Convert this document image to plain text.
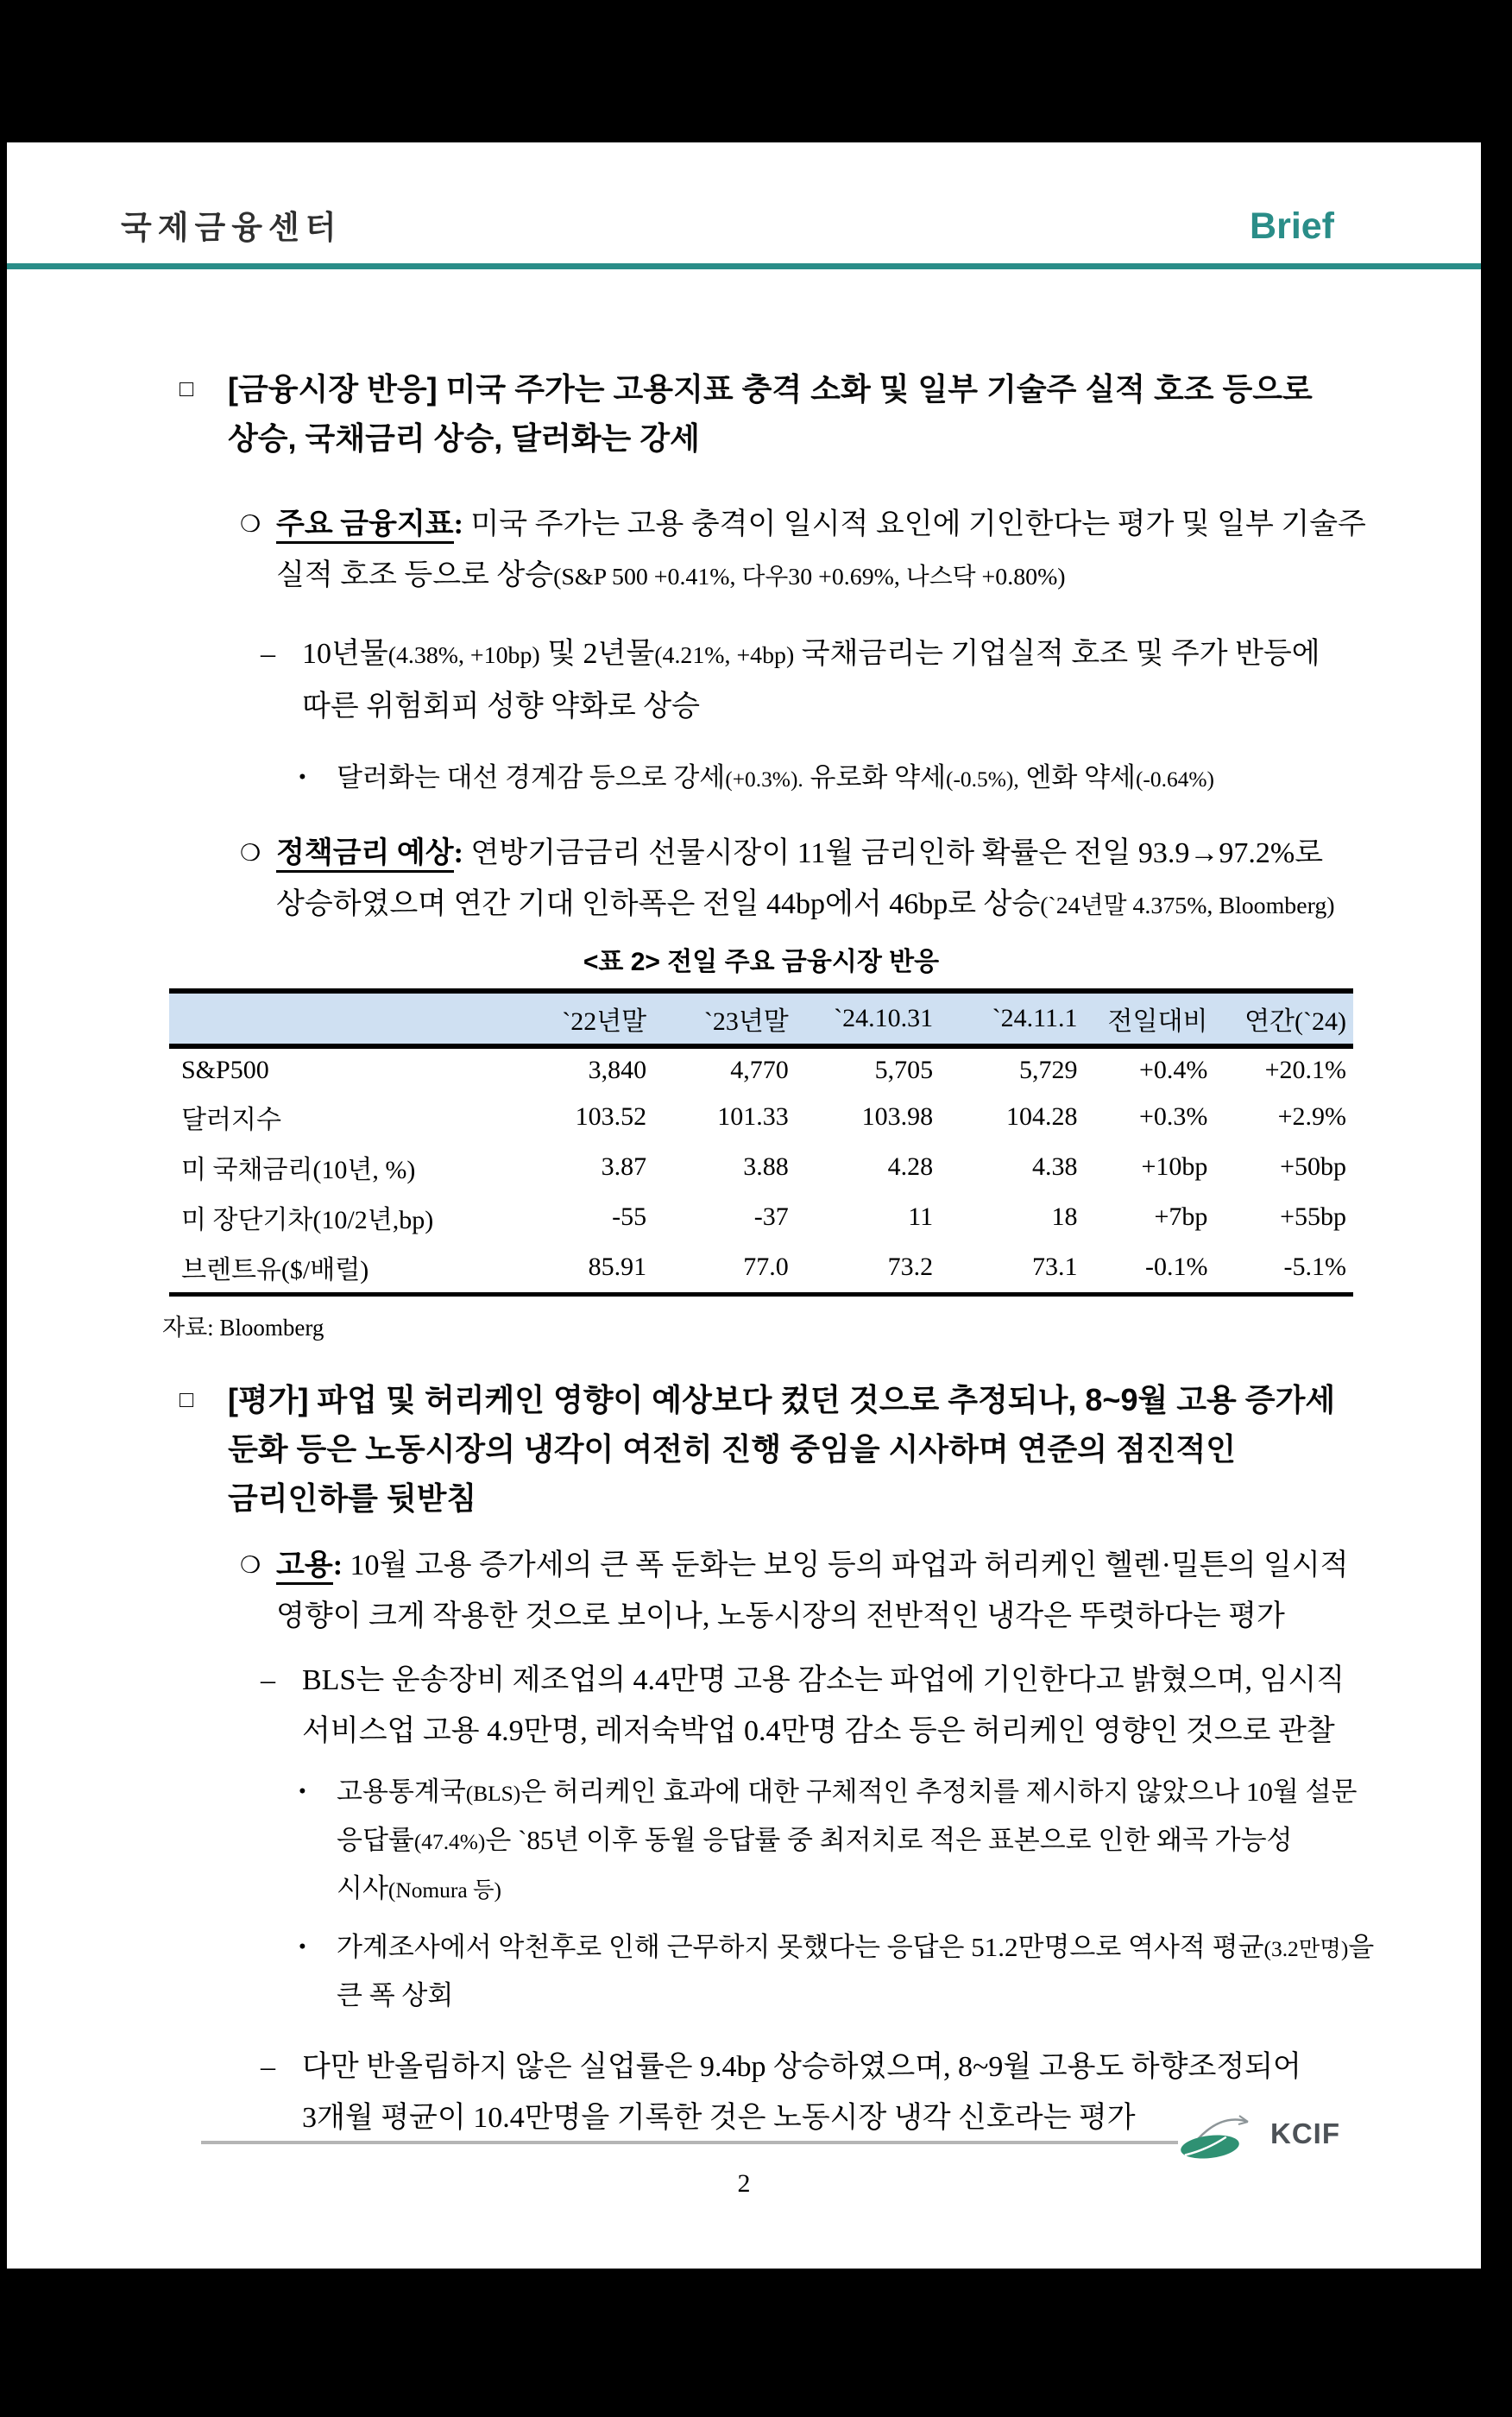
국제금융센터	Brief
□	[금융시장 반응] 미국 주가는 고용지표 충격 소화 및 일부 기술주 실적 호조 등으로
상승, 국채금리 상승, 달러화는 강세
❍ 주요 금융지표: 미국 주가는 고용 충격이 일시적 요인에 기인한다는 평가 및 일부 기술주
실적 호조 등으로 상승(S&P 500 +0.41%, 다우30 +0.69%, 나스닥 +0.80%)
– 10년물(4.38%, +10bp) 및 2년물(4.21%, +4bp) 국채금리는 기업실적 호조 및 주가 반등에
따른 위험회피 성향 약화로 상승
•	달러화는 대선 경계감 등으로 강세(+0.3%). 유로화 약세(-0.5%), 엔화 약세(-0.64%)
❍ 정책금리 예상: 연방기금금리 선물시장이 11월 금리인하 확률은 전일 93.9→97.2%로
상승하였으며 연간 기대 인하폭은 전일 44bp에서 46bp로 상승(`24년말 4.375%, Bloomberg)
<표 2> 전일 주요 금융시장 반응
	`22년말	`23년말	`24.10.31	`24.11.1	전일대비	연간(`24)
S&P500	3,840	4,770	5,705	5,729	+0.4%	+20.1%
달러지수	103.52	101.33	103.98	104.28	+0.3%	+2.9%
미 국채금리(10년, %)	3.87	3.88	4.28	4.38	+10bp	+50bp
미 장단기차(10/2년,bp)	-55	-37	11	18	+7bp	+55bp
브렌트유($/배럴)	85.91	77.0	73.2	73.1	-0.1%	-5.1%
자료: Bloomberg
□	[평가] 파업 및 허리케인 영향이 예상보다 컸던 것으로 추정되나, 8~9월 고용 증가세
둔화 등은 노동시장의 냉각이 여전히 진행 중임을 시사하며 연준의 점진적인
금리인하를 뒷받침
❍ 고용: 10월 고용 증가세의 큰 폭 둔화는 보잉 등의 파업과 허리케인 헬렌·밀튼의 일시적
영향이 크게 작용한 것으로 보이나, 노동시장의 전반적인 냉각은 뚜렷하다는 평가
– BLS는 운송장비 제조업의 4.4만명 고용 감소는 파업에 기인한다고 밝혔으며, 임시직
서비스업 고용 4.9만명, 레저숙박업 0.4만명 감소 등은 허리케인 영향인 것으로 관찰
•	고용통계국(BLS)은 허리케인 효과에 대한 구체적인 추정치를 제시하지 않았으나 10월 설문
응답률(47.4%)은 `85년 이후 동월 응답률 중 최저치로 적은 표본으로 인한 왜곡 가능성
시사(Nomura 등)
•	가계조사에서 악천후로 인해 근무하지 못했다는 응답은 51.2만명으로 역사적 평균(3.2만명)을
큰 폭 상회
– 다만 반올림하지 않은 실업률은 9.4bp 상승하였으며, 8~9월 고용도 하향조정되어
3개월 평균이 10.4만명을 기록한 것은 노동시장 냉각 신호라는 평가	KCIF
2
